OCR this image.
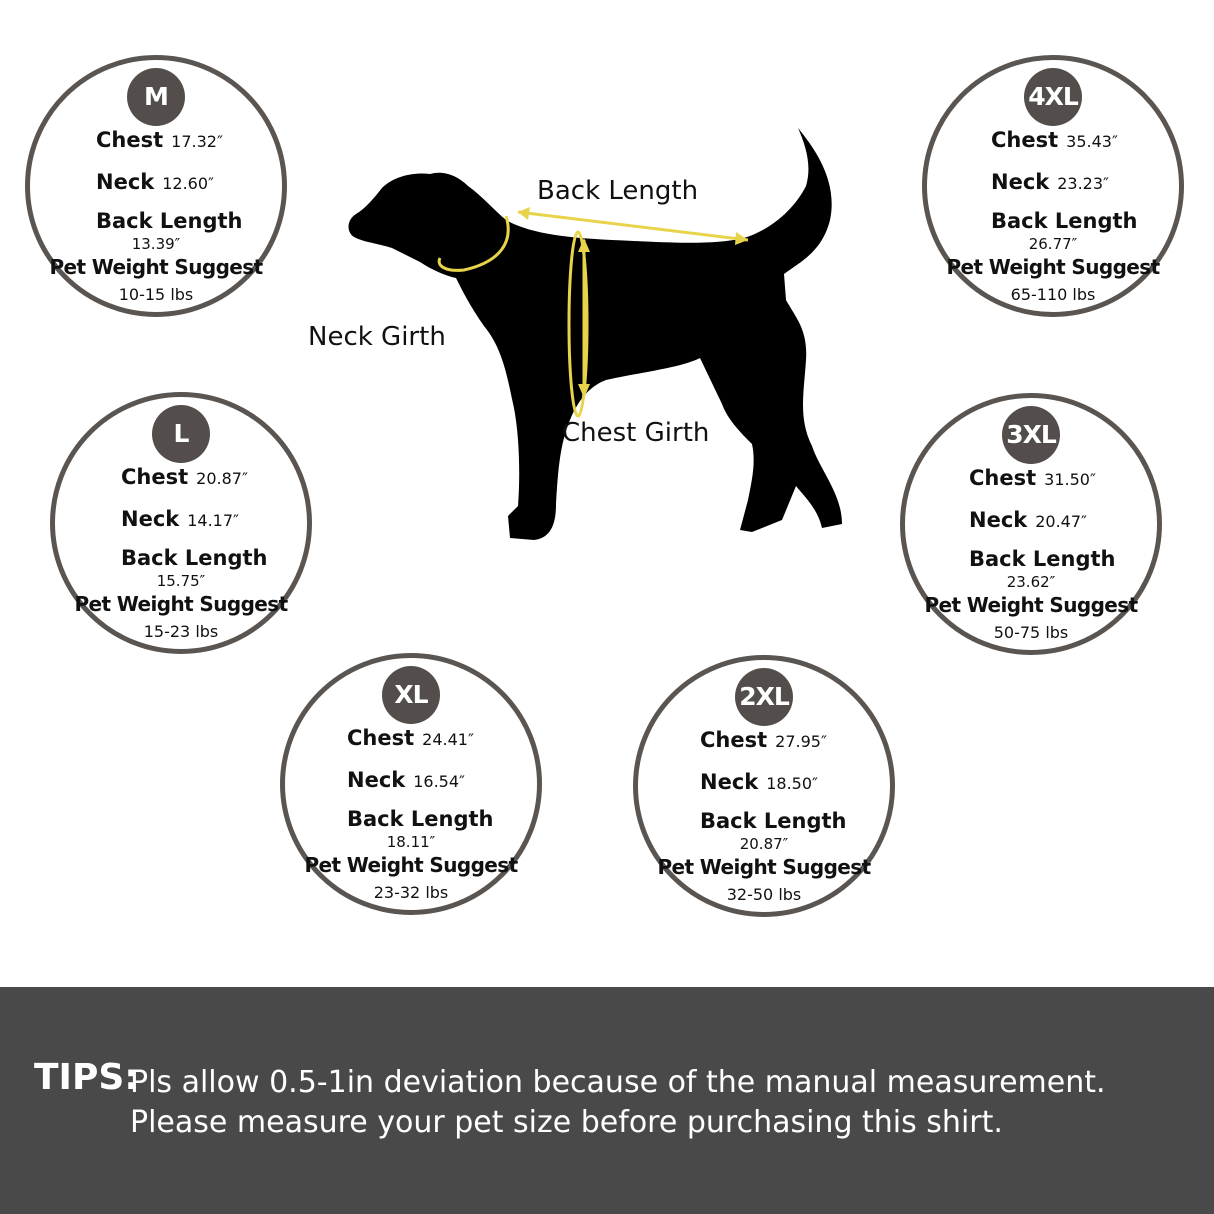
M
Chest 17.32″
Neck 12.60″
Back Length
13.39″
Pet Weight Suggest
10-15 lbs
L
Chest 20.87″
Neck 14.17″
Back Length
15.75″
Pet Weight Suggest
15-23 lbs
XL
Chest 24.41″
Neck 16.54″
Back Length
18.11″
Pet Weight Suggest
23-32 lbs
2XL
Chest 27.95″
Neck 18.50″
Back Length
20.87″
Pet Weight Suggest
32-50 lbs
3XL
Chest 31.50″
Neck 20.47″
Back Length
23.62″
Pet Weight Suggest
50-75 lbs
4XL
Chest 35.43″
Neck 23.23″
Back Length
26.77″
Pet Weight Suggest
65-110 lbs
Back Length
Neck Girth
Chest Girth
TIPS:
Pls allow 0.5-1in deviation because of the manual measurement.
Please measure your pet size before purchasing this shirt.
